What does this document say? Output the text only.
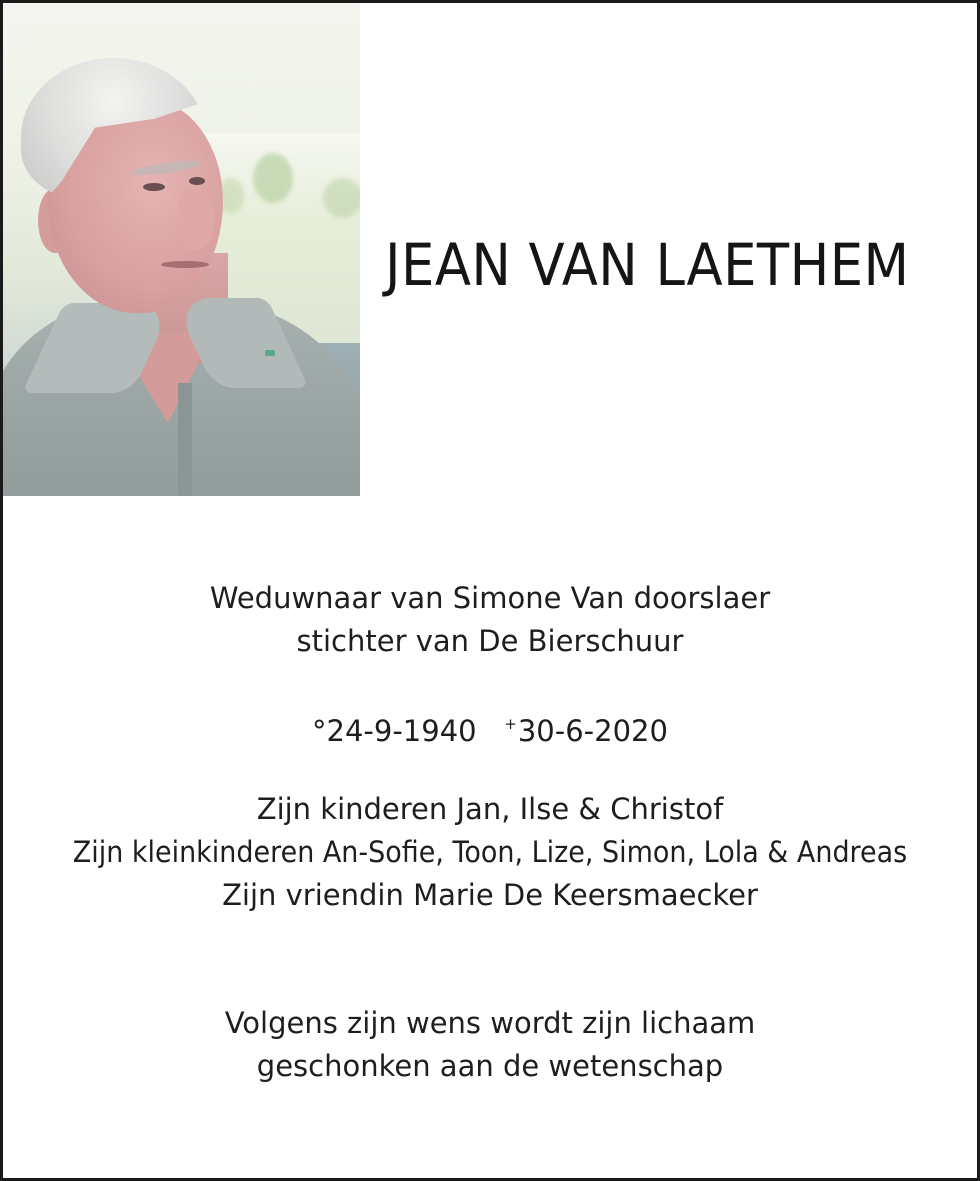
JEAN VAN LAETHEM
Weduwnaar van Simone Van doorslaer
stichter van De Bierschuur
°24-9-1940 +30-6-2020
Zijn kinderen Jan, Ilse & Christof
Zijn kleinkinderen An-Sofie, Toon, Lize, Simon, Lola & Andreas
Zijn vriendin Marie De Keersmaecker
Volgens zijn wens wordt zijn lichaam
geschonken aan de wetenschap
